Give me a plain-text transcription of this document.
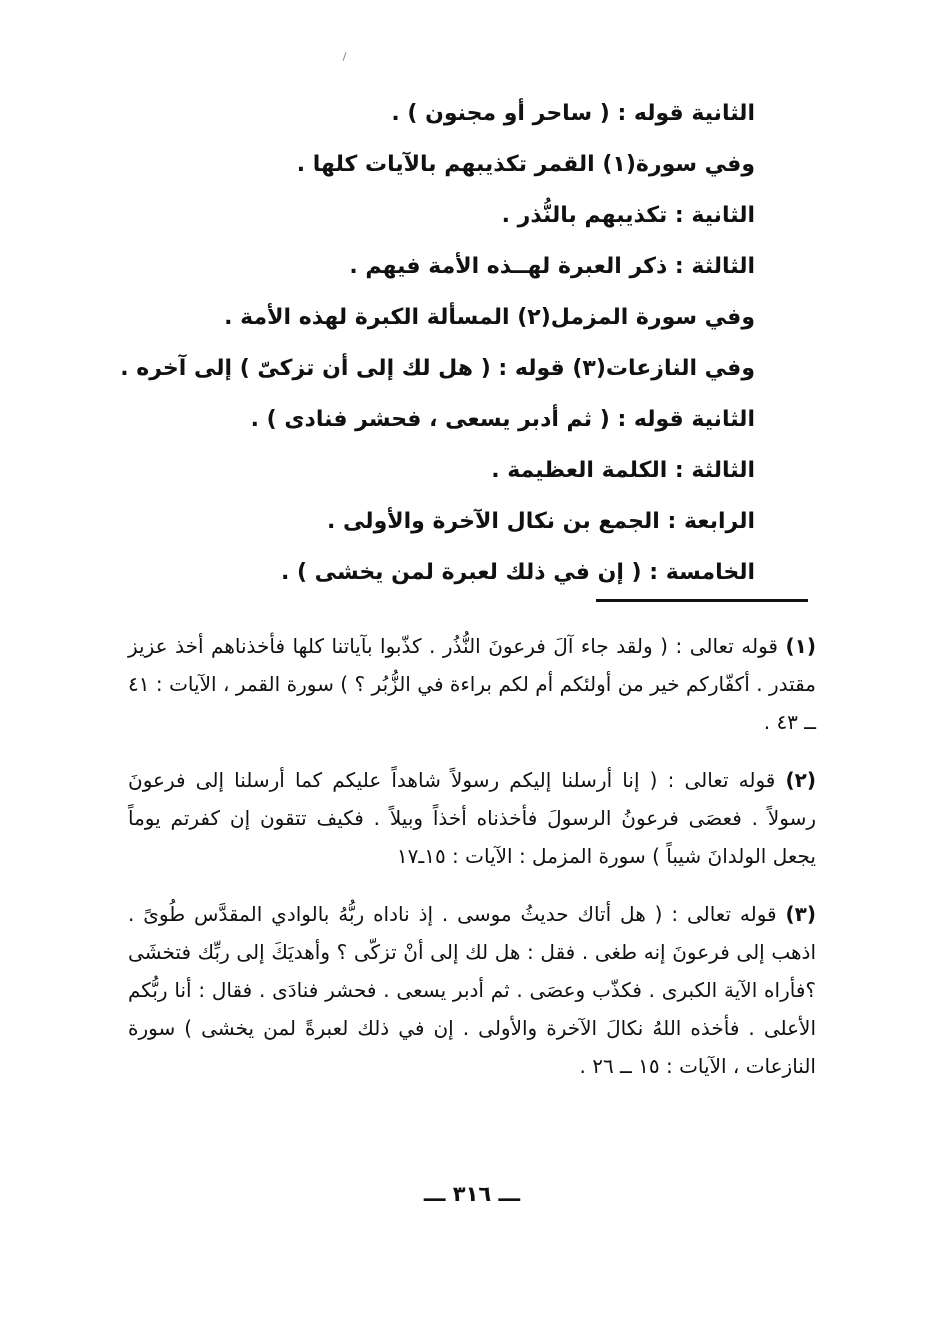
الثانية قوله : ( ساحر أو مجنون ) .
وفي سورة(١) القمر تكذيبهم بالآيات كلها .
الثانية : تكذيبهم بالنُّذر .
الثالثة : ذكر العبرة لهــذه الأمة فيهم .
وفي سورة المزمل(٢) المسألة الكبرة لهذه الأمة .
وفي النازعات(٣) قوله : ( هل لك إلى أن تزكىّ ) إلى آخره .
الثانية قوله : ( ثم أدبر يسعى ، فحشر فنادى ) .
الثالثة : الكلمة العظيمة .
الرابعة : الجمع بن نكال الآخرة والأولى .
الخامسة : ( إن في ذلك لعبرة لمن يخشى ) .

(١) قوله تعالى : ( ولقد جاء آلَ فرعونَ النُّذُر . كذّبوا بآياتنا كلها فأخذناهم أخذ عزيز مقتدر . أكفّاركم خير من أولئكم أم لكم براءة في الزُّبُر ؟ ) سورة القمر ، الآيات : ٤١ ــ ٤٣ .

(٢) قوله تعالى : ( إنا أرسلنا إليكم رسولاً شاهداً عليكم كما أرسلنا إلى فرعونَ رسولاً . فعصَى فرعونُ الرسولَ فأخذناه أخذاً وبيلاً . فكيف تتقون إن كفرتم يوماً يجعل الولدانَ شيباً ) سورة المزمل : الآيات : ١٥ـ١٧

(٣) قوله تعالى : ( هل أتاك حديثُ موسى . إذ ناداه ربُّهُ بالوادي المقدَّس طُوىً . اذهب إلى فرعونَ إنه طغى . فقل : هل لك إلى أنْ تزكّى ؟ وأهديَكَ إلى ربِّك فتخشَى ؟فأراه الآية الكبرى . فكذّب وعصَى . ثم أدبر يسعى . فحشر فنادَى . فقال : أنا ربُّكم الأعلى . فأخذه اللهُ نكالَ الآخرة والأولى . إن في ذلك لعبرةً لمن يخشى ) سورة النازعات ، الآيات : ١٥ ــ ٢٦ .

ـــ ٣١٦ ـــ
